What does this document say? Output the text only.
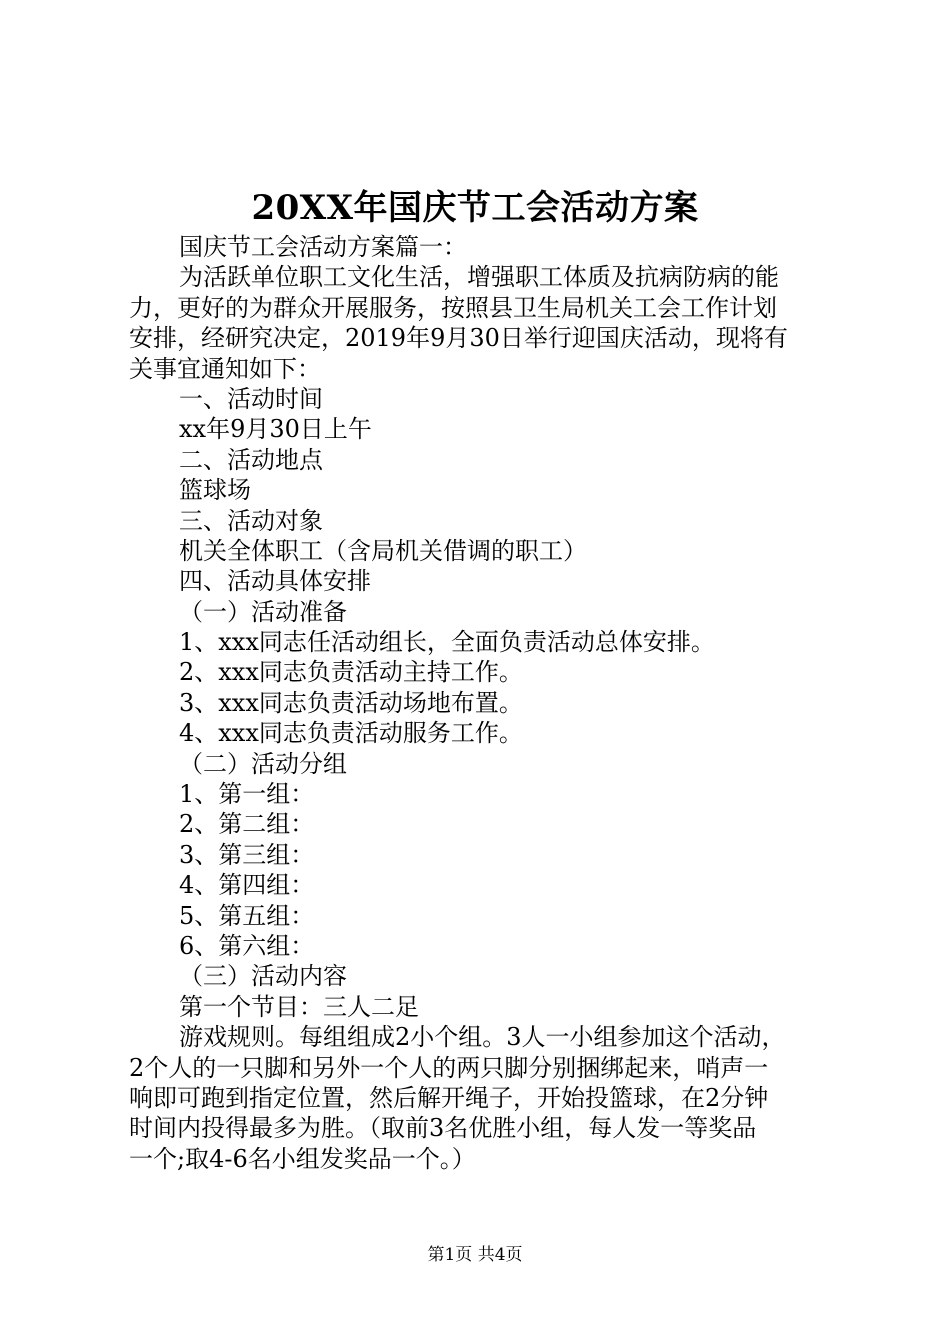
20XX年国庆节工会活动方案
国庆节工会活动方案篇一：
为活跃单位职工文化生活，增强职工体质及抗病防病的能
力，更好的为群众开展服务，按照县卫生局机关工会工作计划
安排，经研究决定，2019年9月30日举行迎国庆活动，现将有
关事宜通知如下：
一、活动时间
xx年9月30日上午
二、活动地点
篮球场
三、活动对象
机关全体职工（含局机关借调的职工）
四、活动具体安排
（一）活动准备
1、xxx同志任活动组长，全面负责活动总体安排。
2、xxx同志负责活动主持工作。
3、xxx同志负责活动场地布置。
4、xxx同志负责活动服务工作。
（二）活动分组
1、第一组：
2、第二组：
3、第三组：
4、第四组：
5、第五组：
6、第六组：
（三）活动内容
第一个节目：三人二足
游戏规则。每组组成2小个组。3人一小组参加这个活动，
2个人的一只脚和另外一个人的两只脚分别捆绑起来，哨声一
响即可跑到指定位置，然后解开绳子，开始投篮球，在2分钟
时间内投得最多为胜。（取前3名优胜小组，每人发一等奖品
一个;取4-6名小组发奖品一个。）
第1页 共4页
